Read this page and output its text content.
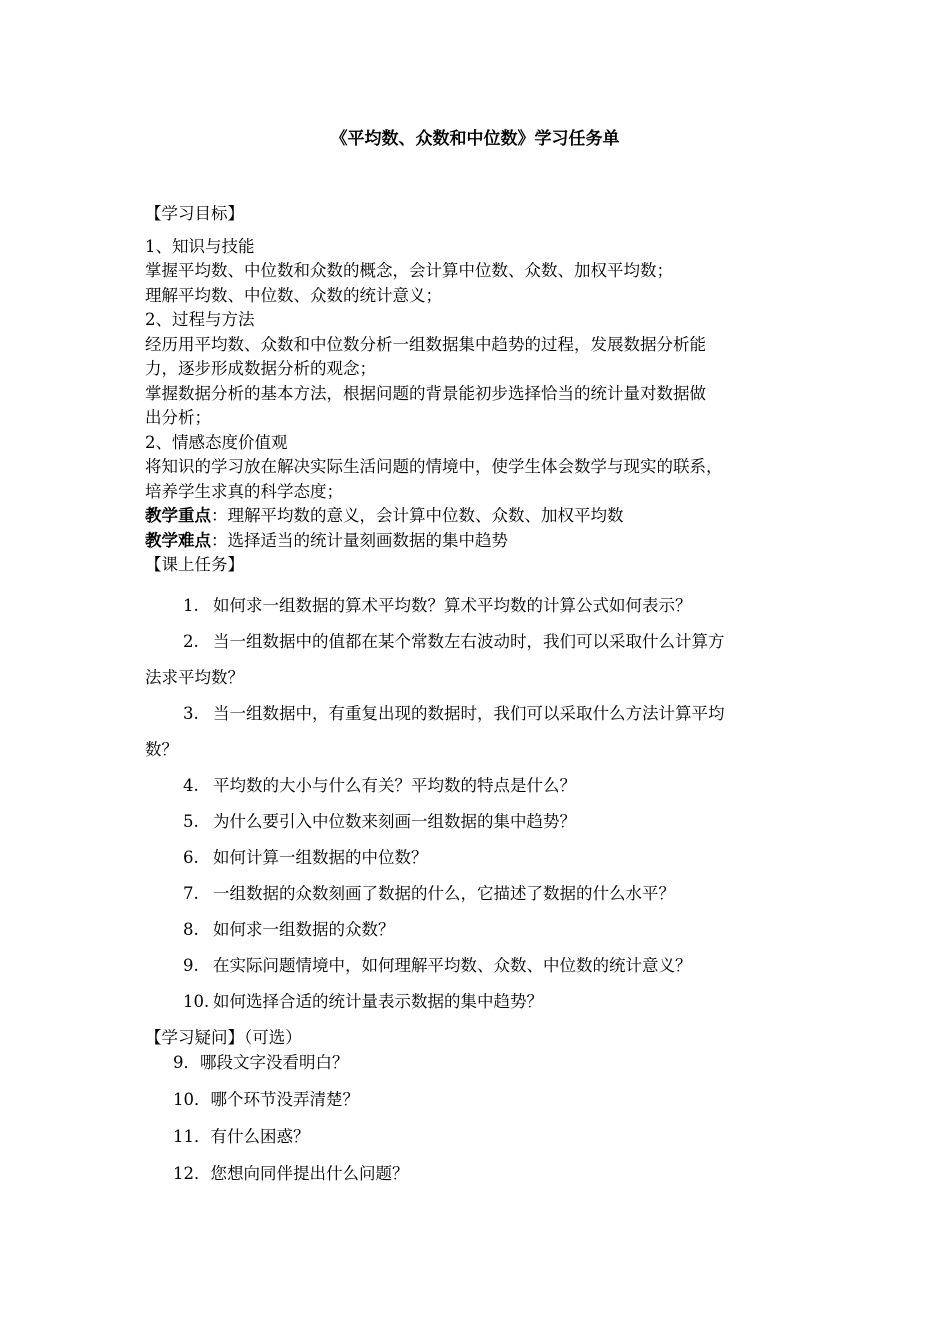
《平均数、众数和中位数》学习任务单
【学习目标】
1、知识与技能
掌握平均数、中位数和众数的概念，会计算中位数、众数、加权平均数；
理解平均数、中位数、众数的统计意义；
2、过程与方法
经历用平均数、众数和中位数分析一组数据集中趋势的过程，发展数据分析能
力，逐步形成数据分析的观念；
掌握数据分析的基本方法，根据问题的背景能初步选择恰当的统计量对数据做
出分析；
2、情感态度价值观
将知识的学习放在解决实际生活问题的情境中，使学生体会数学与现实的联系，
培养学生求真的科学态度；
教学重点：理解平均数的意义，会计算中位数、众数、加权平均数
教学难点：选择适当的统计量刻画数据的集中趋势
【课上任务】
1. 如何求一组数据的算术平均数？算术平均数的计算公式如何表示？
2. 当一组数据中的值都在某个常数左右波动时，我们可以采取什么计算方
法求平均数？
3. 当一组数据中，有重复出现的数据时，我们可以采取什么方法计算平均
数？
4. 平均数的大小与什么有关？平均数的特点是什么？
5. 为什么要引入中位数来刻画一组数据的集中趋势？
6. 如何计算一组数据的中位数？
7. 一组数据的众数刻画了数据的什么，它描述了数据的什么水平？
8. 如何求一组数据的众数？
9. 在实际问题情境中，如何理解平均数、众数、中位数的统计意义？
10. 如何选择合适的统计量表示数据的集中趋势？
【学习疑问】（可选）
9．哪段文字没看明白？
10．哪个环节没弄清楚？
11．有什么困惑？
12．您想向同伴提出什么问题？
